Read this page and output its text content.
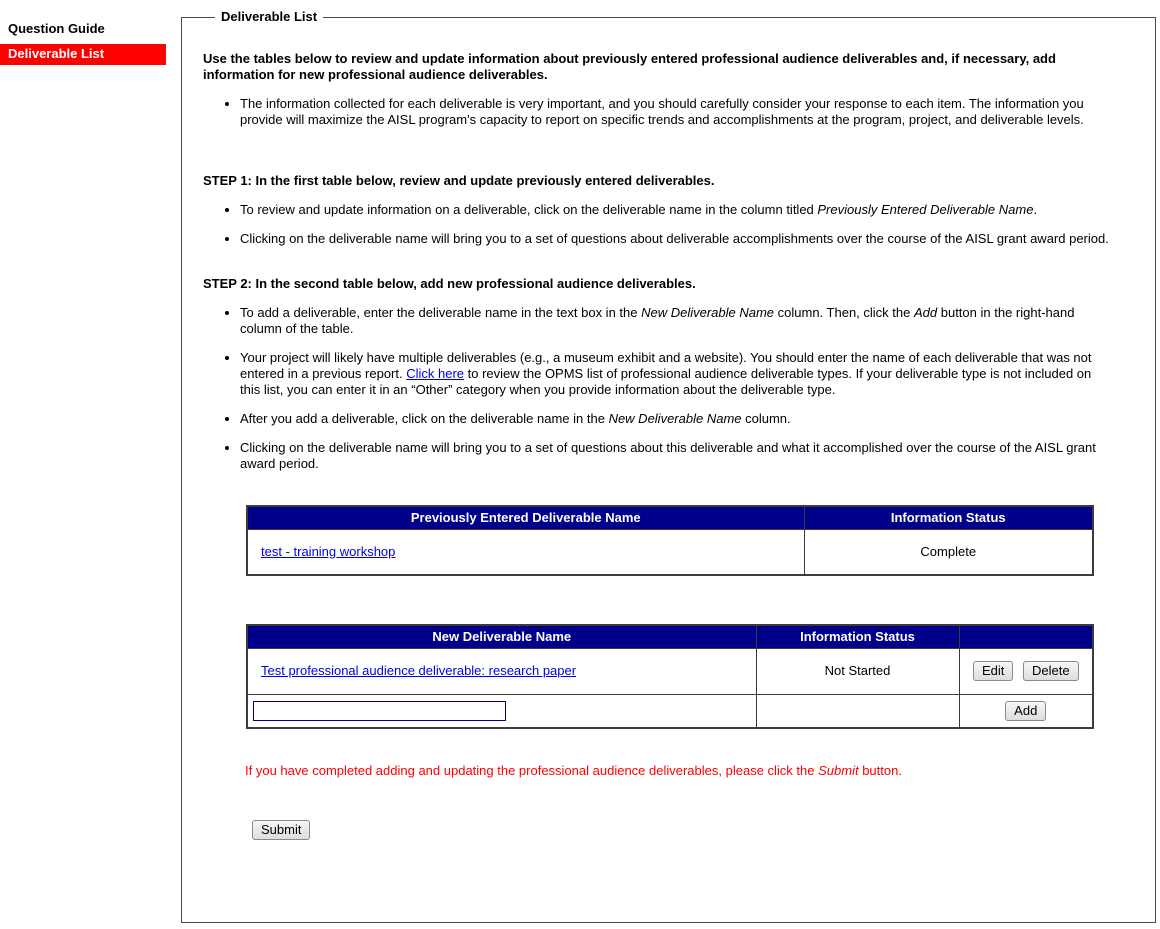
Question Guide
Deliverable List
Deliverable List
Use the tables below to review and update information about previously entered professional audience deliverables and, if necessary, add information for new professional audience deliverables.
• The information collected for each deliverable is very important, and you should carefully consider your response to each item. The information you provide will maximize the AISL program's capacity to report on specific trends and accomplishments at the program, project, and deliverable levels.
STEP 1: In the first table below, review and update previously entered deliverables.
• To review and update information on a deliverable, click on the deliverable name in the column titled Previously Entered Deliverable Name.
• Clicking on the deliverable name will bring you to a set of questions about deliverable accomplishments over the course of the AISL grant award period.
STEP 2: In the second table below, add new professional audience deliverables.
• To add a deliverable, enter the deliverable name in the text box in the New Deliverable Name column. Then, click the Add button in the right-hand column of the table.
• Your project will likely have multiple deliverables (e.g., a museum exhibit and a website). You should enter the name of each deliverable that was not entered in a previous report. Click here to review the OPMS list of professional audience deliverable types. If your deliverable type is not included on this list, you can enter it in an “Other” category when you provide information about the deliverable type.
• After you add a deliverable, click on the deliverable name in the New Deliverable Name column.
• Clicking on the deliverable name will bring you to a set of questions about this deliverable and what it accomplished over the course of the AISL grant award period.
Previously Entered Deliverable Name	Information Status
test - training workshop	Complete
New Deliverable Name	Information Status	
Test professional audience deliverable: research paper	Not Started	Edit Delete
		Add
If you have completed adding and updating the professional audience deliverables, please click the Submit button.
Submit
